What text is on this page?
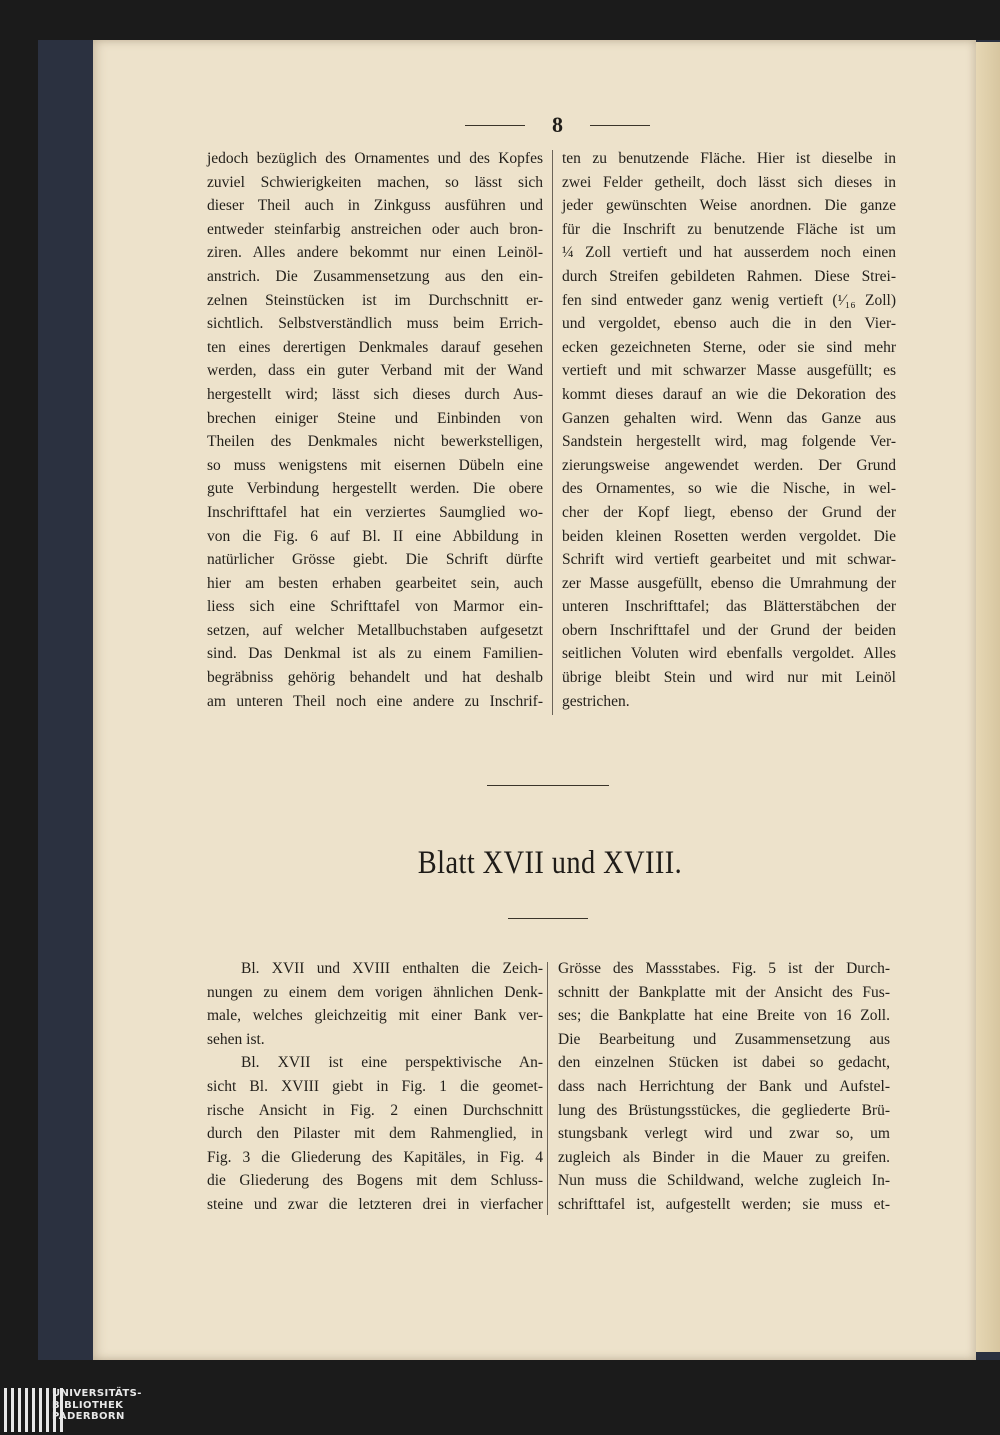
8
jedoch bezüglich des Ornamentes und des Kopfes
zuviel Schwierigkeiten machen, so lässt sich
dieser Theil auch in Zinkguss ausführen und
entweder steinfarbig anstreichen oder auch bron-
ziren. Alles andere bekommt nur einen Leinöl-
anstrich. Die Zusammensetzung aus den ein-
zelnen Steinstücken ist im Durchschnitt er-
sichtlich. Selbstverständlich muss beim Errich-
ten eines derertigen Denkmales darauf gesehen
werden, dass ein guter Verband mit der Wand
hergestellt wird; lässt sich dieses durch Aus-
brechen einiger Steine und Einbinden von
Theilen des Denkmales nicht bewerkstelligen,
so muss wenigstens mit eisernen Dübeln eine
gute Verbindung hergestellt werden. Die obere
Inschrifttafel hat ein verziertes Saumglied wo-
von die Fig. 6 auf Bl. II eine Abbildung in
natürlicher Grösse giebt. Die Schrift dürfte
hier am besten erhaben gearbeitet sein, auch
liess sich eine Schrifttafel von Marmor ein-
setzen, auf welcher Metallbuchstaben aufgesetzt
sind. Das Denkmal ist als zu einem Familien-
begräbniss gehörig behandelt und hat deshalb
am unteren Theil noch eine andere zu Inschrif-
ten zu benutzende Fläche. Hier ist dieselbe in
zwei Felder getheilt, doch lässt sich dieses in
jeder gewünschten Weise anordnen. Die ganze
für die Inschrift zu benutzende Fläche ist um
¼ Zoll vertieft und hat ausserdem noch einen
durch Streifen gebildeten Rahmen. Diese Strei-
fen sind entweder ganz wenig vertieft (¹⁄₁₆ Zoll)
und vergoldet, ebenso auch die in den Vier-
ecken gezeichneten Sterne, oder sie sind mehr
vertieft und mit schwarzer Masse ausgefüllt; es
kommt dieses darauf an wie die Dekoration des
Ganzen gehalten wird. Wenn das Ganze aus
Sandstein hergestellt wird, mag folgende Ver-
zierungsweise angewendet werden. Der Grund
des Ornamentes, so wie die Nische, in wel-
cher der Kopf liegt, ebenso der Grund der
beiden kleinen Rosetten werden vergoldet. Die
Schrift wird vertieft gearbeitet und mit schwar-
zer Masse ausgefüllt, ebenso die Umrahmung der
unteren Inschrifttafel; das Blätterstäbchen der
obern Inschrifttafel und der Grund der beiden
seitlichen Voluten wird ebenfalls vergoldet. Alles
übrige bleibt Stein und wird nur mit Leinöl
gestrichen.
Blatt XVII und XVIII.
Bl. XVII und XVIII enthalten die Zeich-
nungen zu einem dem vorigen ähnlichen Denk-
male, welches gleichzeitig mit einer Bank ver-
sehen ist.
Bl. XVII ist eine perspektivische An-
sicht Bl. XVIII giebt in Fig. 1 die geomet-
rische Ansicht in Fig. 2 einen Durchschnitt
durch den Pilaster mit dem Rahmenglied, in
Fig. 3 die Gliederung des Kapitäles, in Fig. 4
die Gliederung des Bogens mit dem Schluss-
steine und zwar die letzteren drei in vierfacher
Grösse des Massstabes. Fig. 5 ist der Durch-
schnitt der Bankplatte mit der Ansicht des Fus-
ses; die Bankplatte hat eine Breite von 16 Zoll.
Die Bearbeitung und Zusammensetzung aus
den einzelnen Stücken ist dabei so gedacht,
dass nach Herrichtung der Bank und Aufstel-
lung des Brüstungsstückes, die gegliederte Brü-
stungsbank verlegt wird und zwar so, um
zugleich als Binder in die Mauer zu greifen.
Nun muss die Schildwand, welche zugleich In-
schrifttafel ist, aufgestellt werden; sie muss et-
UNIVERSITÄTS-
BIBLIOTHEK
PADERBORN
